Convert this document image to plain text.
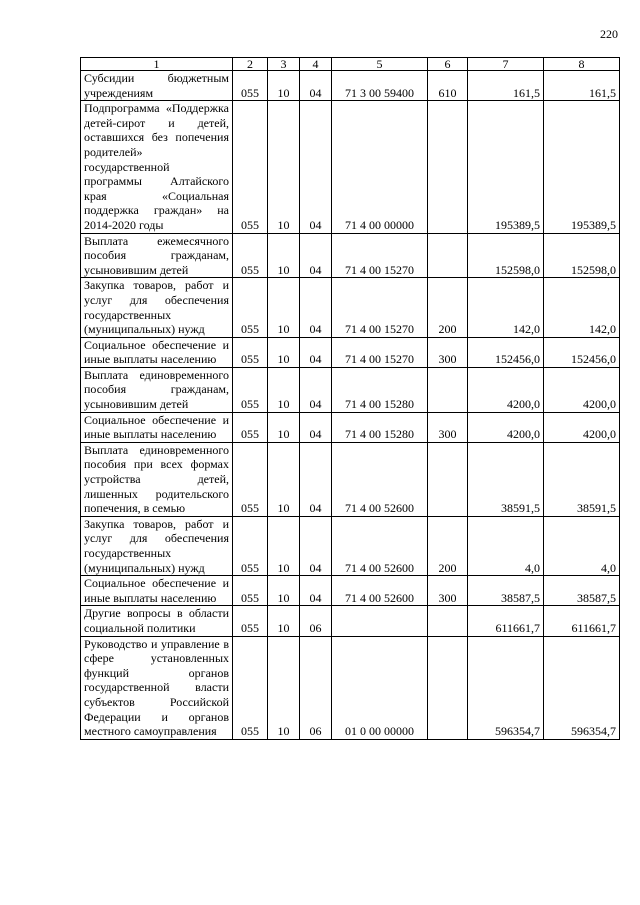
220
1	2	3	4	5	6	7	8
Субсидии бюджетным учреждениям	055	10	04	71 3 00 59400	610	161,5	161,5
Подпрограмма «Поддержка детей-сирот и детей, оставшихся без попечения родителей» государственной программы Алтайского края «Социальная поддержка граждан» на 2014-2020 годы	055	10	04	71 4 00 00000		195389,5	195389,5
Выплата ежемесячного пособия гражданам, усыновившим детей	055	10	04	71 4 00 15270		152598,0	152598,0
Закупка товаров, работ и услуг для обеспечения государственных (муниципальных) нужд	055	10	04	71 4 00 15270	200	142,0	142,0
Социальное обеспечение и иные выплаты населению	055	10	04	71 4 00 15270	300	152456,0	152456,0
Выплата единовременного пособия гражданам, усыновившим детей	055	10	04	71 4 00 15280		4200,0	4200,0
Социальное обеспечение и иные выплаты населению	055	10	04	71 4 00 15280	300	4200,0	4200,0
Выплата единовременного пособия при всех формах устройства детей, лишенных родительского попечения, в семью	055	10	04	71 4 00 52600		38591,5	38591,5
Закупка товаров, работ и услуг для обеспечения государственных (муниципальных) нужд	055	10	04	71 4 00 52600	200	4,0	4,0
Социальное обеспечение и иные выплаты населению	055	10	04	71 4 00 52600	300	38587,5	38587,5
Другие вопросы в области социальной политики	055	10	06			611661,7	611661,7
Руководство и управление в сфере установленных функций органов государственной власти субъектов Российской Федерации и органов местного самоуправления	055	10	06	01 0 00 00000		596354,7	596354,7
